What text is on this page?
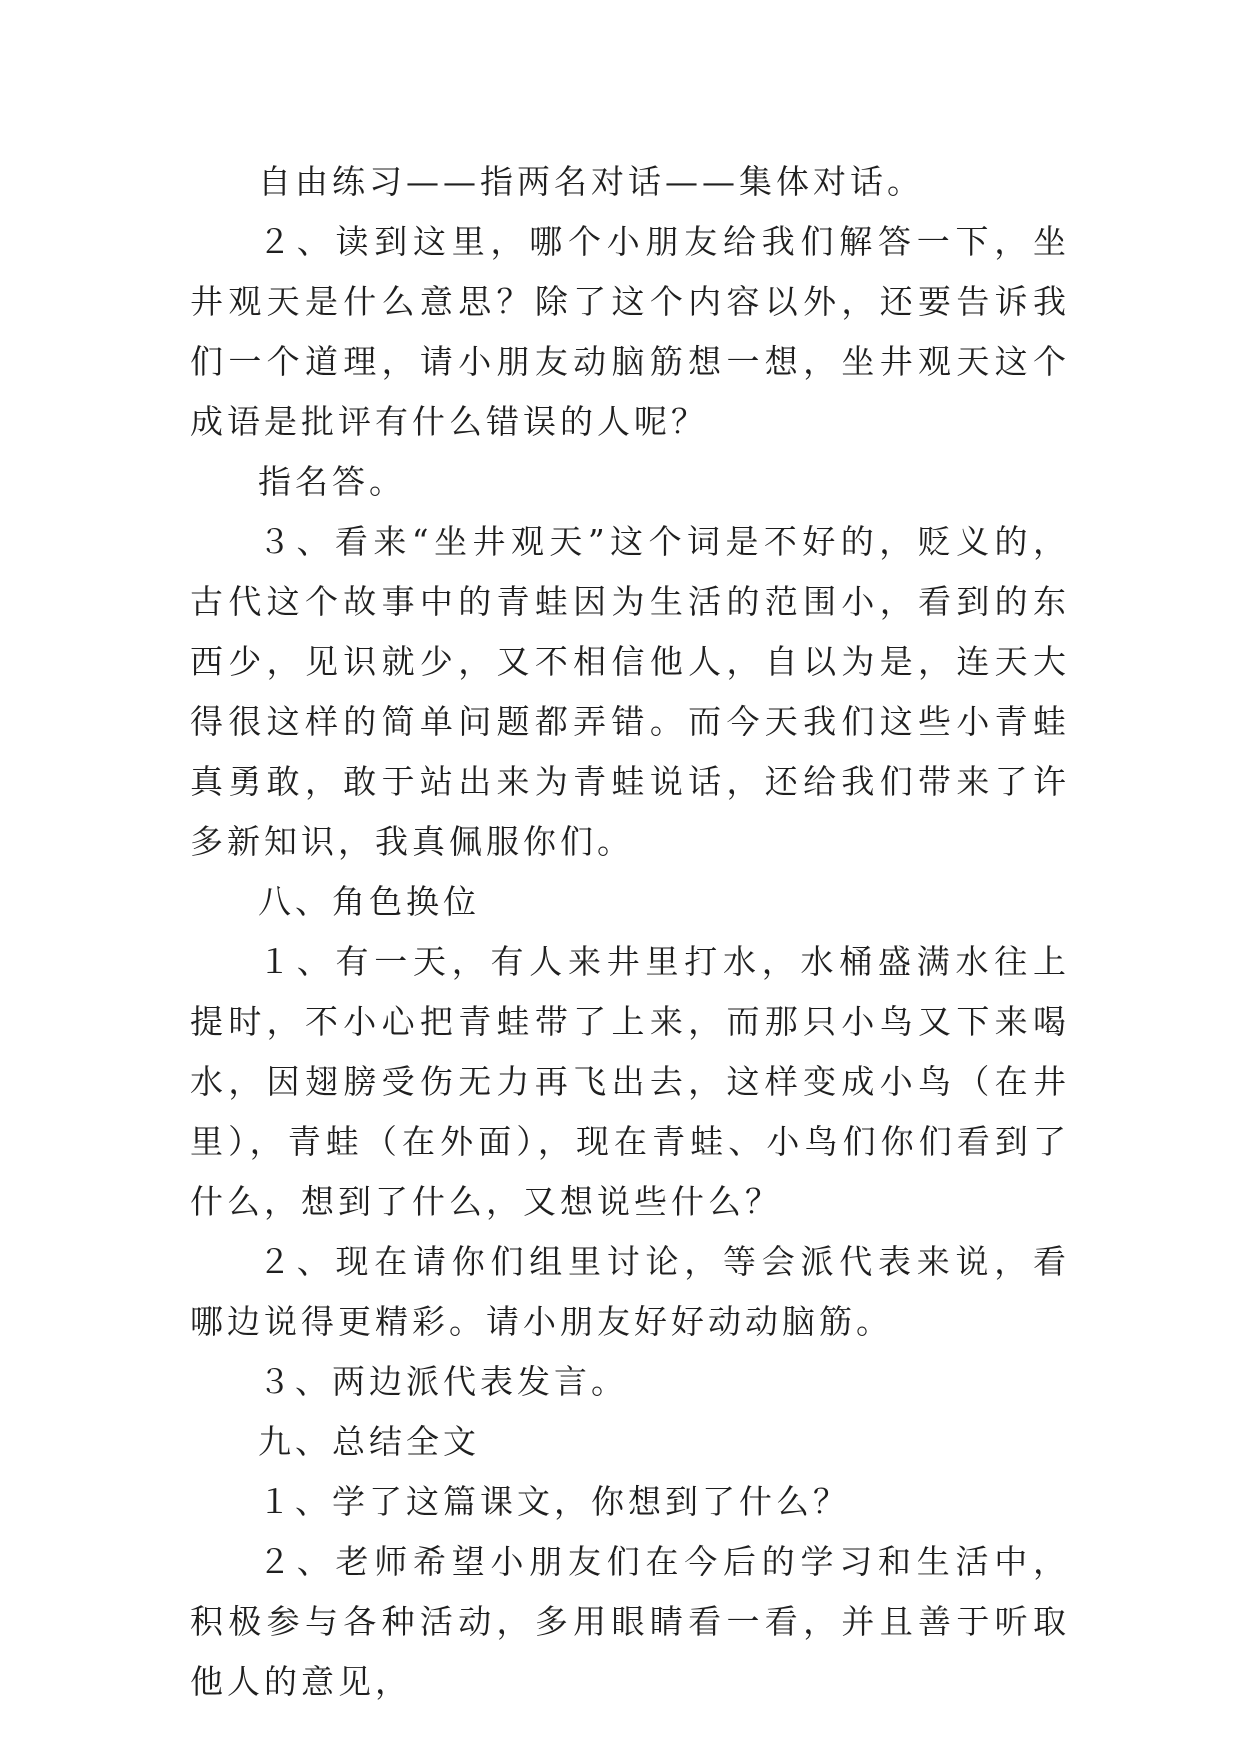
自由练习——指两名对话——集体对话。

２、读到这里，哪个小朋友给我们解答一下，坐井观天是什么意思？除了这个内容以外，还要告诉我们一个道理，请小朋友动脑筋想一想，坐井观天这个成语是批评有什么错误的人呢？

指名答。

３、看来“坐井观天”这个词是不好的，贬义的，古代这个故事中的青蛙因为生活的范围小，看到的东西少，见识就少，又不相信他人，自以为是，连天大得很这样的简单问题都弄错。而今天我们这些小青蛙真勇敢，敢于站出来为青蛙说话，还给我们带来了许多新知识，我真佩服你们。

八、角色换位

１、有一天，有人来井里打水，水桶盛满水往上提时，不小心把青蛙带了上来，而那只小鸟又下来喝水，因翅膀受伤无力再飞出去，这样变成小鸟（在井里），青蛙（在外面），现在青蛙、小鸟们你们看到了什么，想到了什么，又想说些什么？

２、现在请你们组里讨论，等会派代表来说，看哪边说得更精彩。请小朋友好好动动脑筋。

３、两边派代表发言。

九、总结全文

１、学了这篇课文，你想到了什么？

２、老师希望小朋友们在今后的学习和生活中，积极参与各种活动，多用眼睛看一看，并且善于听取他人的意见，
